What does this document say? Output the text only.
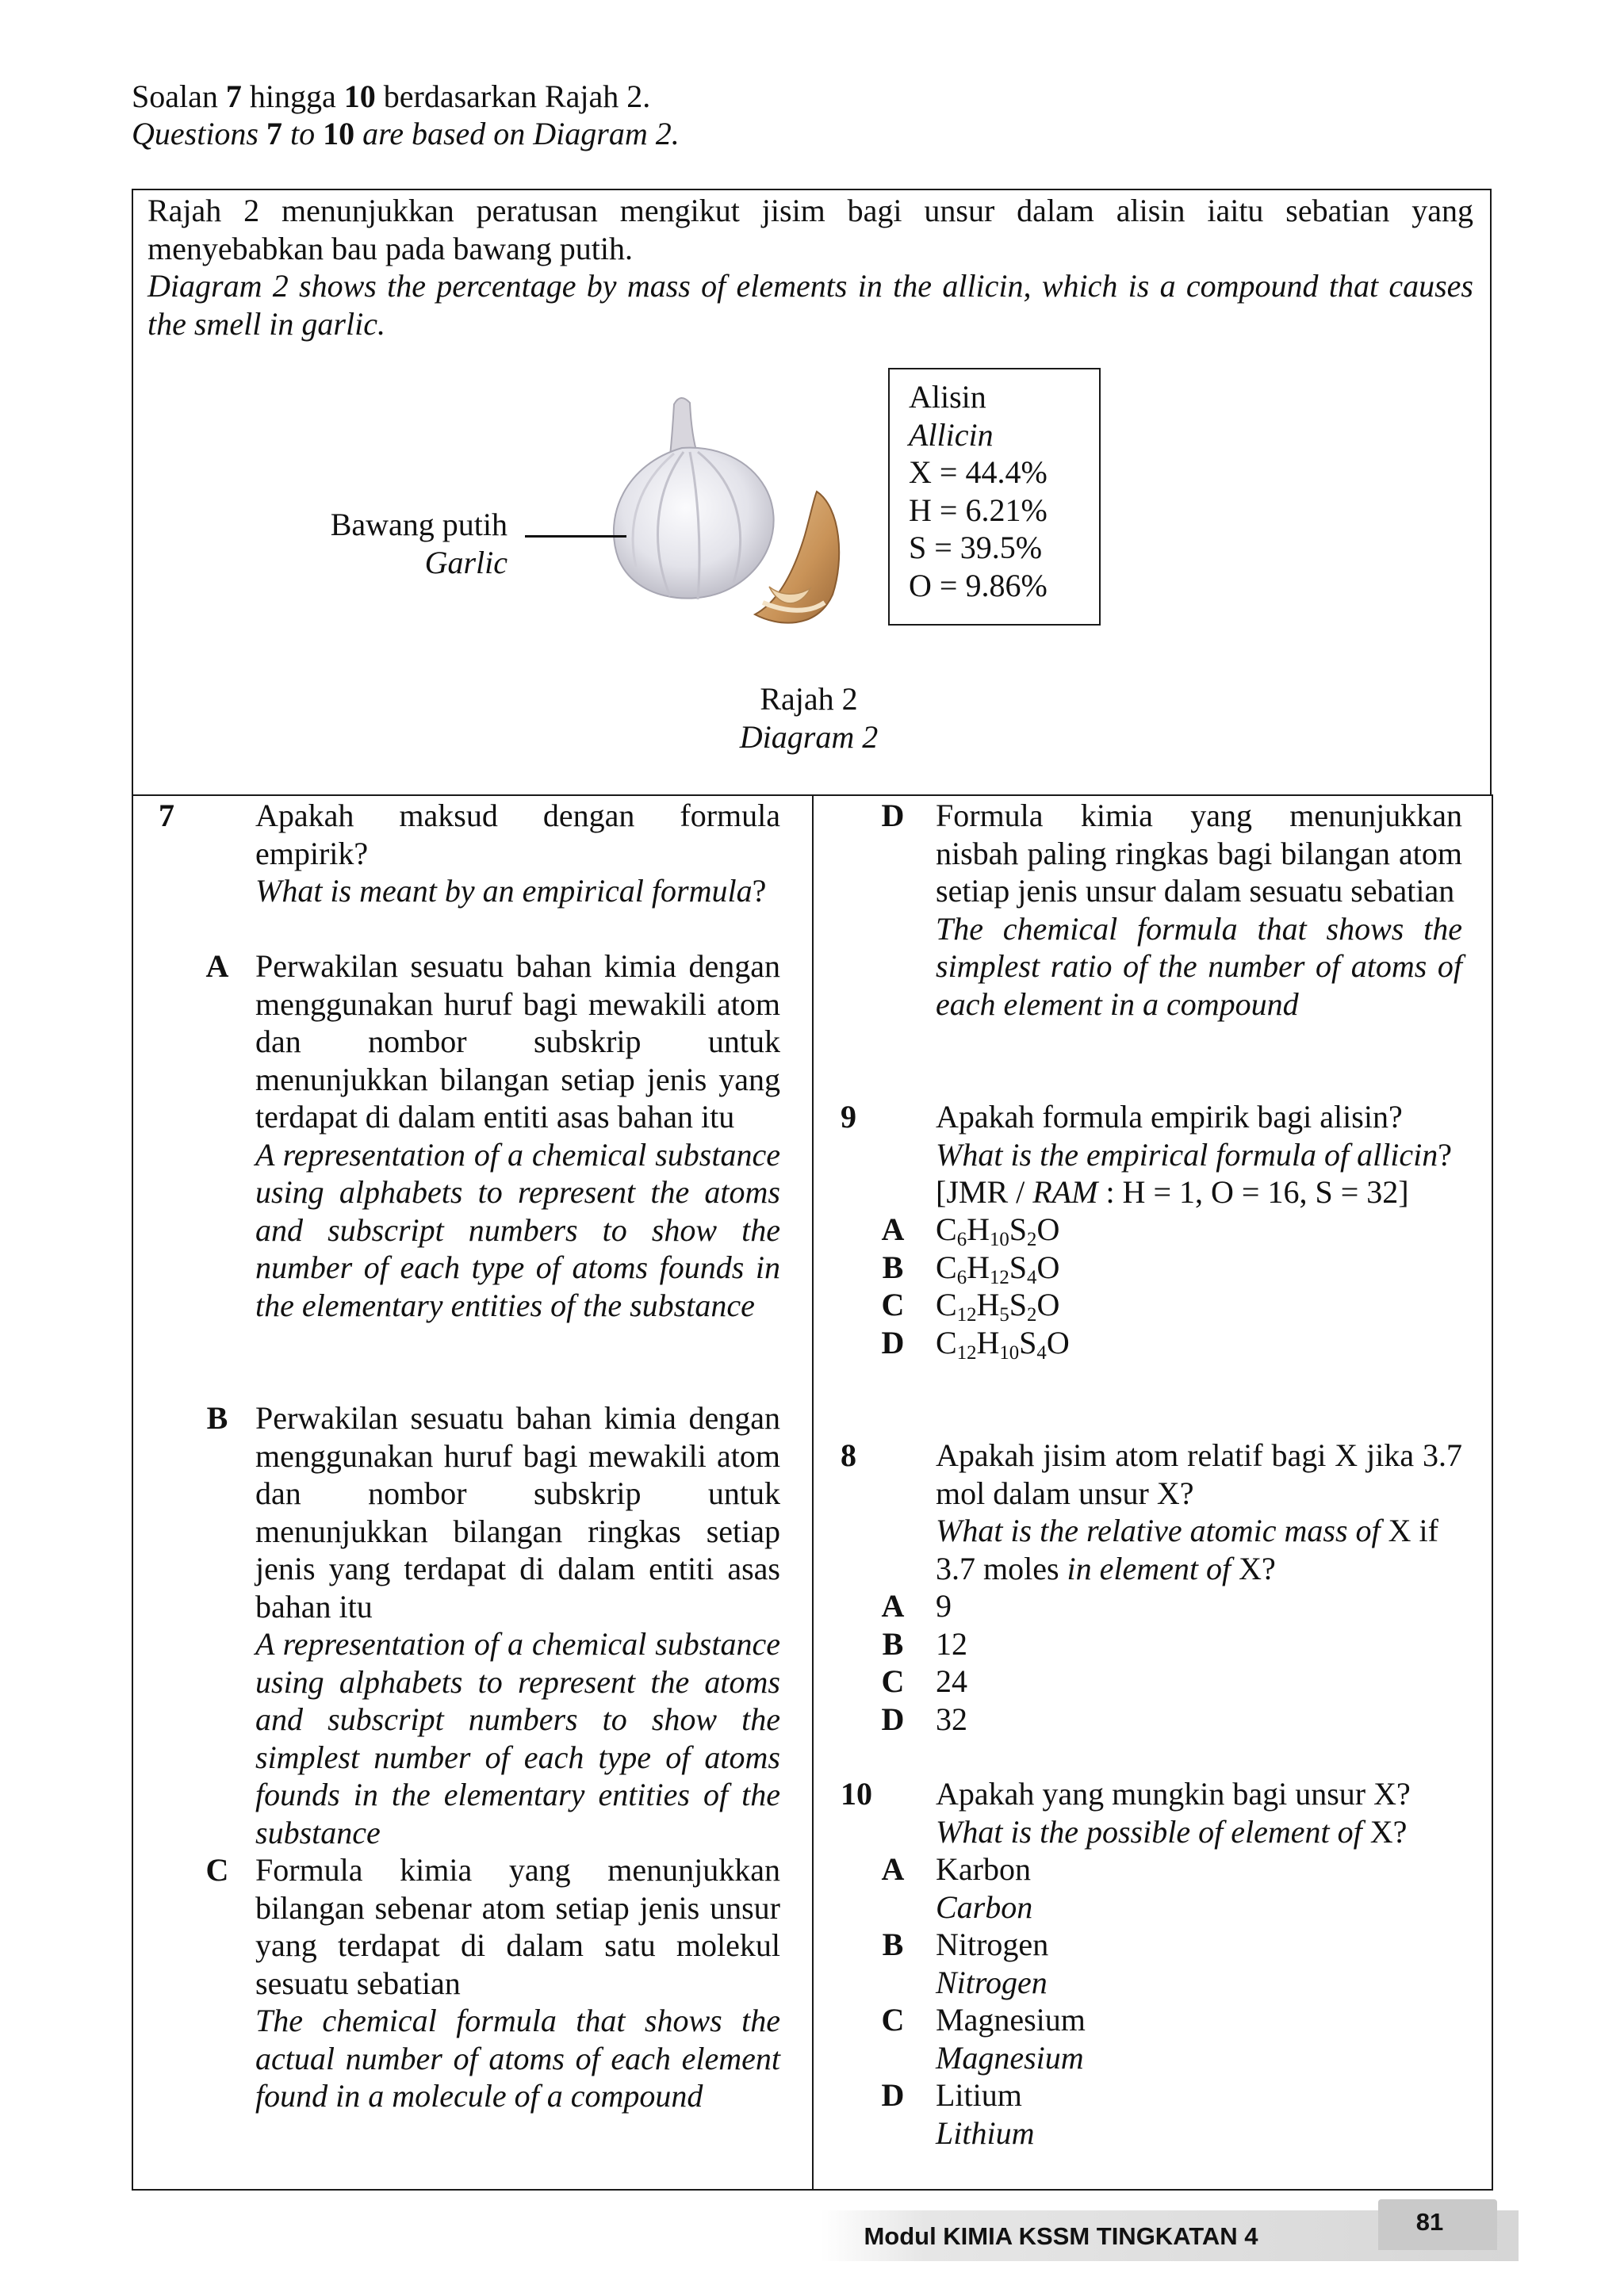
Soalan 7 hingga 10 berdasarkan Rajah 2.
Questions 7 to 10 are based on Diagram 2.
Rajah 2 menunjukkan peratusan mengikut jisim bagi unsur dalam alisin iaitu sebatian yang menyebabkan bau pada bawang putih.
Diagram 2 shows the percentage by mass of elements in the allicin, which is a compound that causes the smell in garlic.
Bawang putih
Garlic
Alisin
Allicin
X = 44.4%
H = 6.21%
S = 39.5%
O = 9.86%
Rajah 2
Diagram 2
7	Apakah maksud dengan formula empirik?
What is meant by an empirical formula?
A Perwakilan sesuatu bahan kimia dengan menggunakan huruf bagi mewakili atom dan nombor subskrip untuk menunjukkan bilangan setiap jenis yang terdapat di dalam entiti asas bahan itu
A representation of a chemical substance using alphabets to represent the atoms and subscript numbers to show the number of each type of atoms founds in the elementary entities of the substance
B Perwakilan sesuatu bahan kimia dengan menggunakan huruf bagi mewakili atom dan nombor subskrip untuk menunjukkan bilangan ringkas setiap jenis yang terdapat di dalam entiti asas bahan itu
A representation of a chemical substance using alphabets to represent the atoms and subscript numbers to show the simplest number of each type of atoms founds in the elementary entities of the substance
C Formula kimia yang menunjukkan bilangan sebenar atom setiap jenis unsur yang terdapat di dalam satu molekul sesuatu sebatian
The chemical formula that shows the actual number of atoms of each element found in a molecule of a compound
D Formula kimia yang menunjukkan nisbah paling ringkas bagi bilangan atom setiap jenis unsur dalam sesuatu sebatian
The chemical formula that shows the simplest ratio of the number of atoms of each element in a compound
9	Apakah formula empirik bagi alisin?
What is the empirical formula of allicin?
[JMR / RAM : H = 1, O = 16, S = 32]
A $C_6H_{10}S_2O$
B	$C_6H_{12}S_4O$
C $C_{12}H_5S_2O$
D $C_{12}H_{10}S_4O$
8	Apakah jisim atom relatif bagi X jika 3.7 mol dalam unsur X?
What is the relative atomic mass of X if
3.7 moles in element of X?
A 9
B 12
C 24
D 32
10 Apakah yang mungkin bagi unsur X?
What is the possible of element of X?
A Karbon
Carbon
B Nitrogen
Nitrogen
C Magnesium
Magnesium
D Litium
Lithium
Modul KIMIA KSSM TINGKATAN 4
81
